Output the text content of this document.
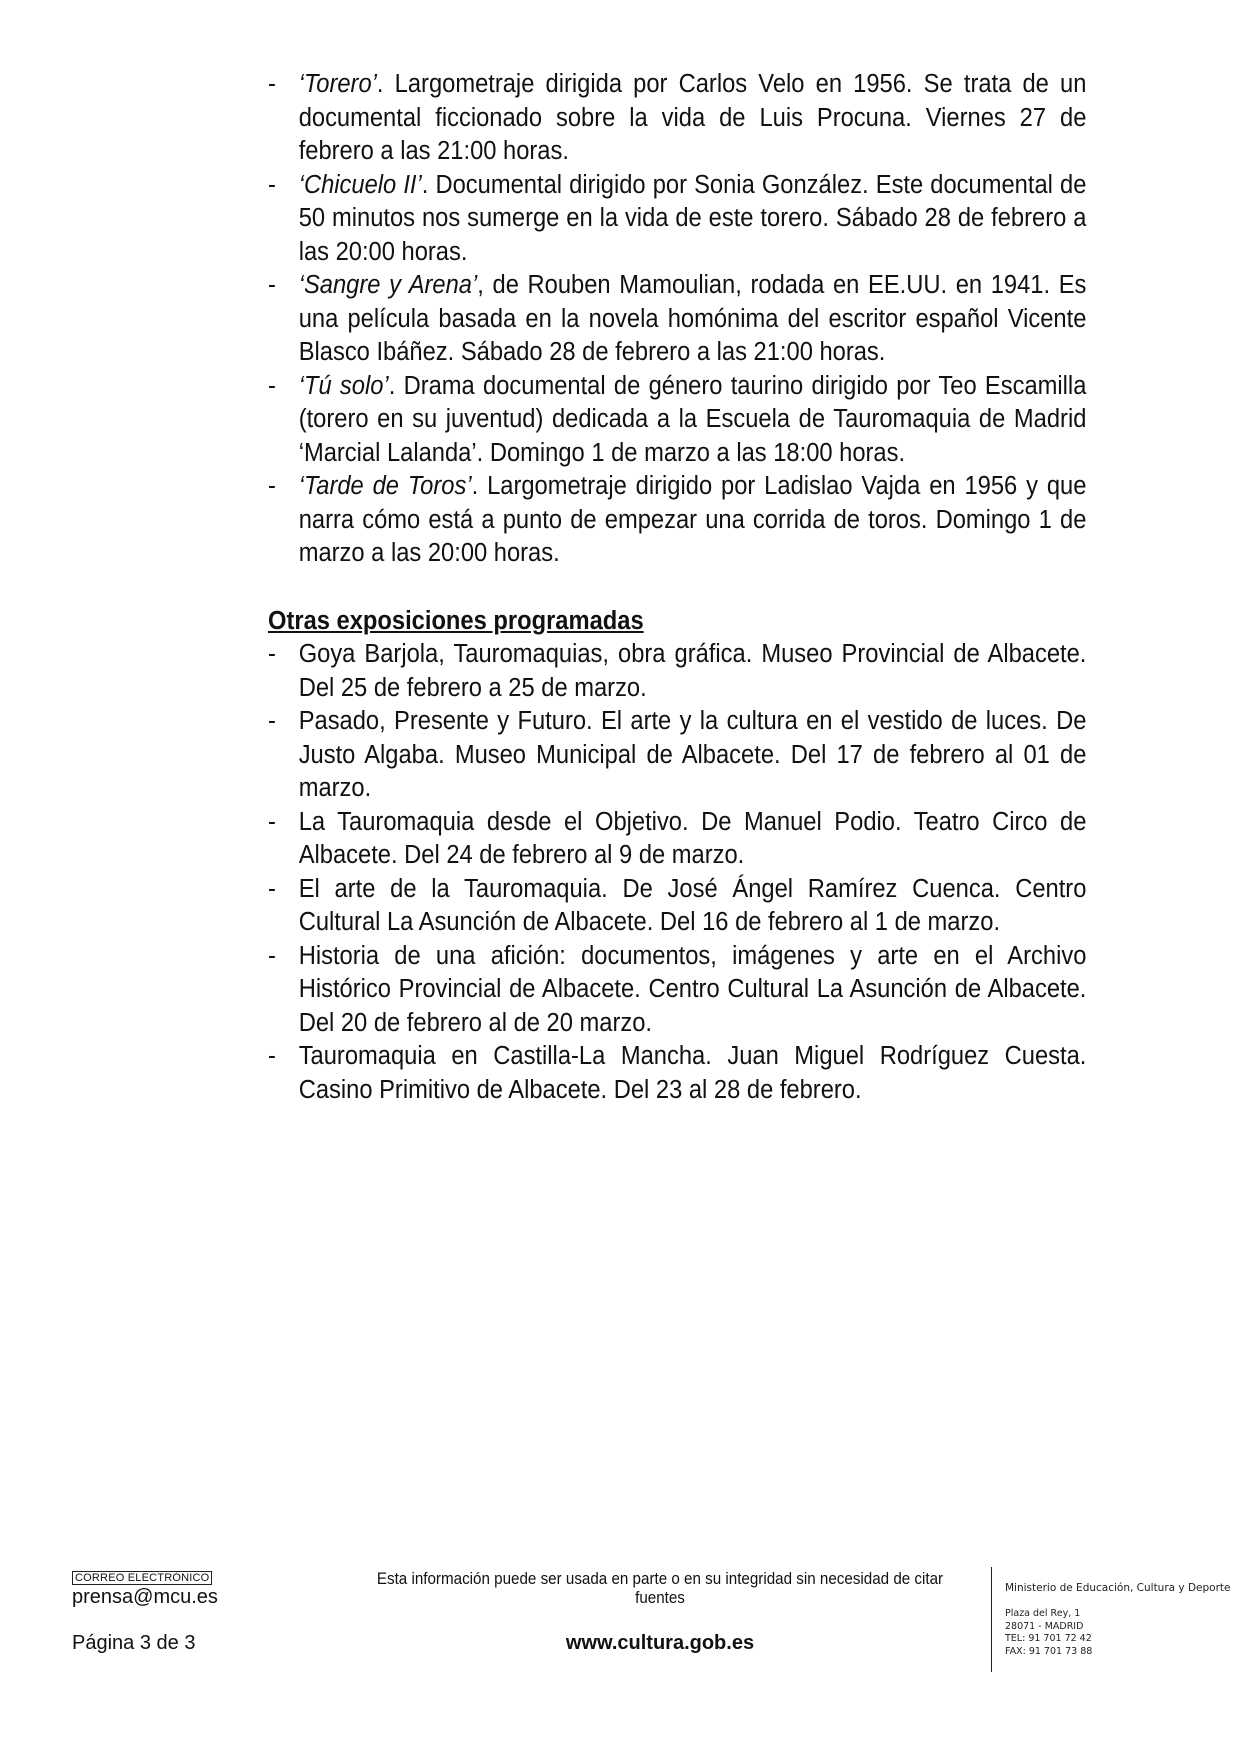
- ‘Torero’. Largometraje dirigida por Carlos Velo en 1956. Se trata de un documental ficcionado sobre la vida de Luis Procuna. Viernes 27 de febrero a las 21:00 horas.
- ‘Chicuelo II’. Documental dirigido por Sonia González. Este documental de 50 minutos nos sumerge en la vida de este torero. Sábado 28 de febrero a las 20:00 horas.
- ‘Sangre y Arena’, de Rouben Mamoulian, rodada en EE.UU. en 1941. Es una película basada en la novela homónima del escritor español Vicente Blasco Ibáñez. Sábado 28 de febrero a las 21:00 horas.
- ‘Tú solo’. Drama documental de género taurino dirigido por Teo Escamilla (torero en su juventud) dedicada a la Escuela de Tauromaquia de Madrid ‘Marcial Lalanda’. Domingo 1 de marzo a las 18:00 horas.
- ‘Tarde de Toros’. Largometraje dirigido por Ladislao Vajda en 1956 y que narra cómo está a punto de empezar una corrida de toros. Domingo 1 de marzo a las 20:00 horas.
Otras exposiciones programadas
- Goya Barjola, Tauromaquias, obra gráfica. Museo Provincial de Albacete. Del 25 de febrero a 25 de marzo.
- Pasado, Presente y Futuro. El arte y la cultura en el vestido de luces. De Justo Algaba. Museo Municipal de Albacete. Del 17 de febrero al 01 de marzo.
- La Tauromaquia desde el Objetivo. De Manuel Podio. Teatro Circo de Albacete. Del 24 de febrero al 9 de marzo.
- El arte de la Tauromaquia. De José Ángel Ramírez Cuenca. Centro Cultural La Asunción de Albacete. Del 16 de febrero al 1 de marzo.
- Historia de una afición: documentos, imágenes y arte en el Archivo Histórico Provincial de Albacete. Centro Cultural La Asunción de Albacete. Del 20 de febrero al de 20 marzo.
- Tauromaquia en Castilla-La Mancha. Juan Miguel Rodríguez Cuesta. Casino Primitivo de Albacete. Del 23 al 28 de febrero.
CORREO ELECTRÓNICO
prensa@mcu.es
Página 3 de 3
Esta información puede ser usada en parte o en su integridad sin necesidad de citar fuentes
www.cultura.gob.es
Ministerio de Educación, Cultura y Deporte
Plaza del Rey, 1
28071 - MADRID
TEL: 91 701 72 42
FAX: 91 701 73 88
